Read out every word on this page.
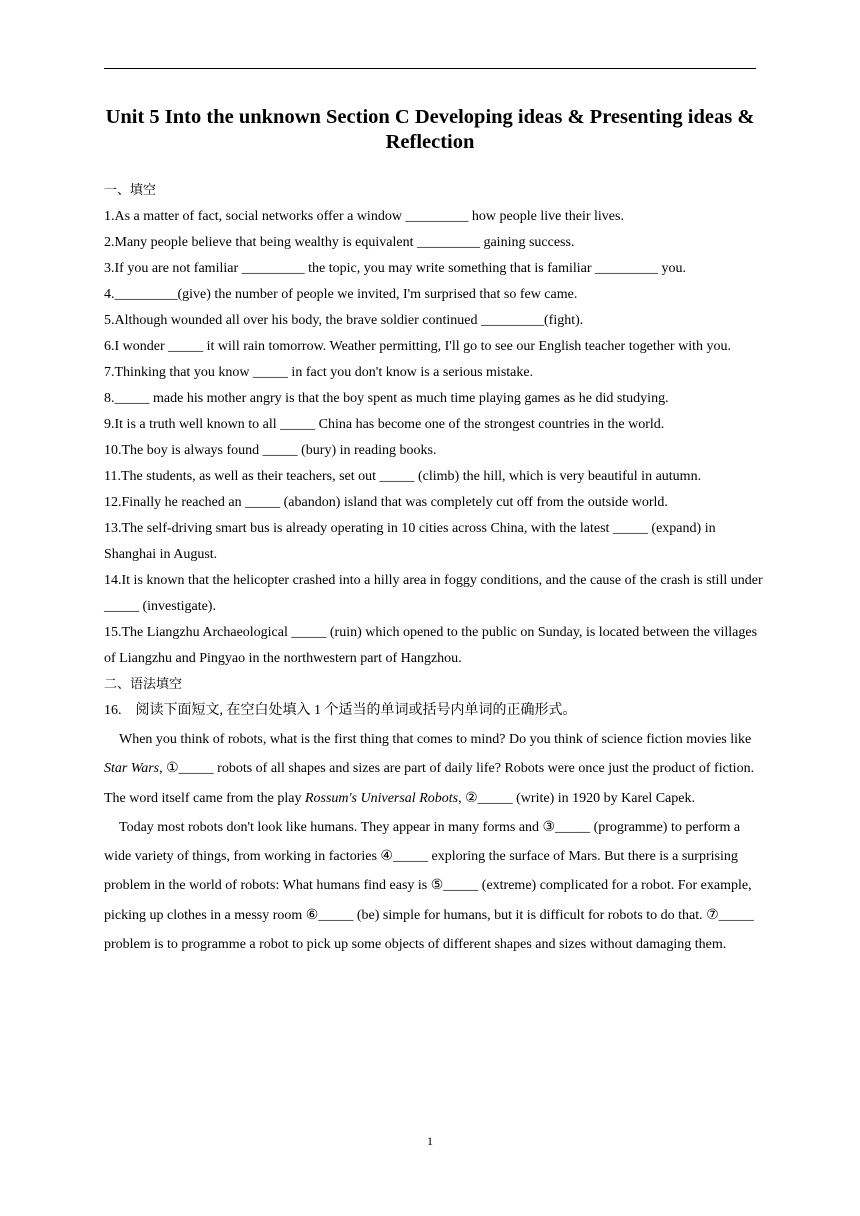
Unit 5 Into the unknown Section C Developing ideas & Presenting ideas & Reflection
一、填空

1.As a matter of fact, social networks offer a window _________ how people live their lives.

2.Many people believe that being wealthy is equivalent _________ gaining success.

3.If you are not familiar _________ the topic, you may write something that is familiar _________ you.

4._________(give) the number of people we invited, I'm surprised that so few came.

5.Although wounded all over his body, the brave soldier continued _________(fight).

6.I wonder _____ it will rain tomorrow. Weather permitting, I'll go to see our English teacher together with you.

7.Thinking that you know _____ in fact you don't know is a serious mistake.

8._____ made his mother angry is that the boy spent as much time playing games as he did studying.

9.It is a truth well known to all _____ China has become one of the strongest countries in the world.

10.The boy is always found _____ (bury) in reading books.

11.The students, as well as their teachers, set out _____ (climb) the hill, which is very beautiful in autumn.

12.Finally he reached an _____ (abandon) island that was completely cut off from the outside world.

13.The self-driving smart bus is already operating in 10 cities across China, with the latest _____ (expand) in Shanghai in August.

14.It is known that the helicopter crashed into a hilly area in foggy conditions, and the cause of the crash is still under _____ (investigate).

15.The Liangzhu Archaeological _____ (ruin) which opened to the public on Sunday, is located between the villages of Liangzhu and Pingyao in the northwestern part of Hangzhou.

二、语法填空

16.　阅读下面短文, 在空白处填入 1 个适当的单词或括号内单词的正确形式。

When you think of robots, what is the first thing that comes to mind? Do you think of science fiction movies like Star Wars, ①_____ robots of all shapes and sizes are part of daily life? Robots were once just the product of fiction. The word itself came from the play Rossum's Universal Robots, ②_____ (write) in 1920 by Karel Capek.

Today most robots don't look like humans. They appear in many forms and ③_____ (programme) to perform a wide variety of things, from working in factories ④_____ exploring the surface of Mars. But there is a surprising problem in the world of robots: What humans find easy is ⑤_____ (extreme) complicated for a robot. For example, picking up clothes in a messy room ⑥_____ (be) simple for humans, but it is difficult for robots to do that. ⑦_____ problem is to programme a robot to pick up some objects of different shapes and sizes without damaging them.

1
